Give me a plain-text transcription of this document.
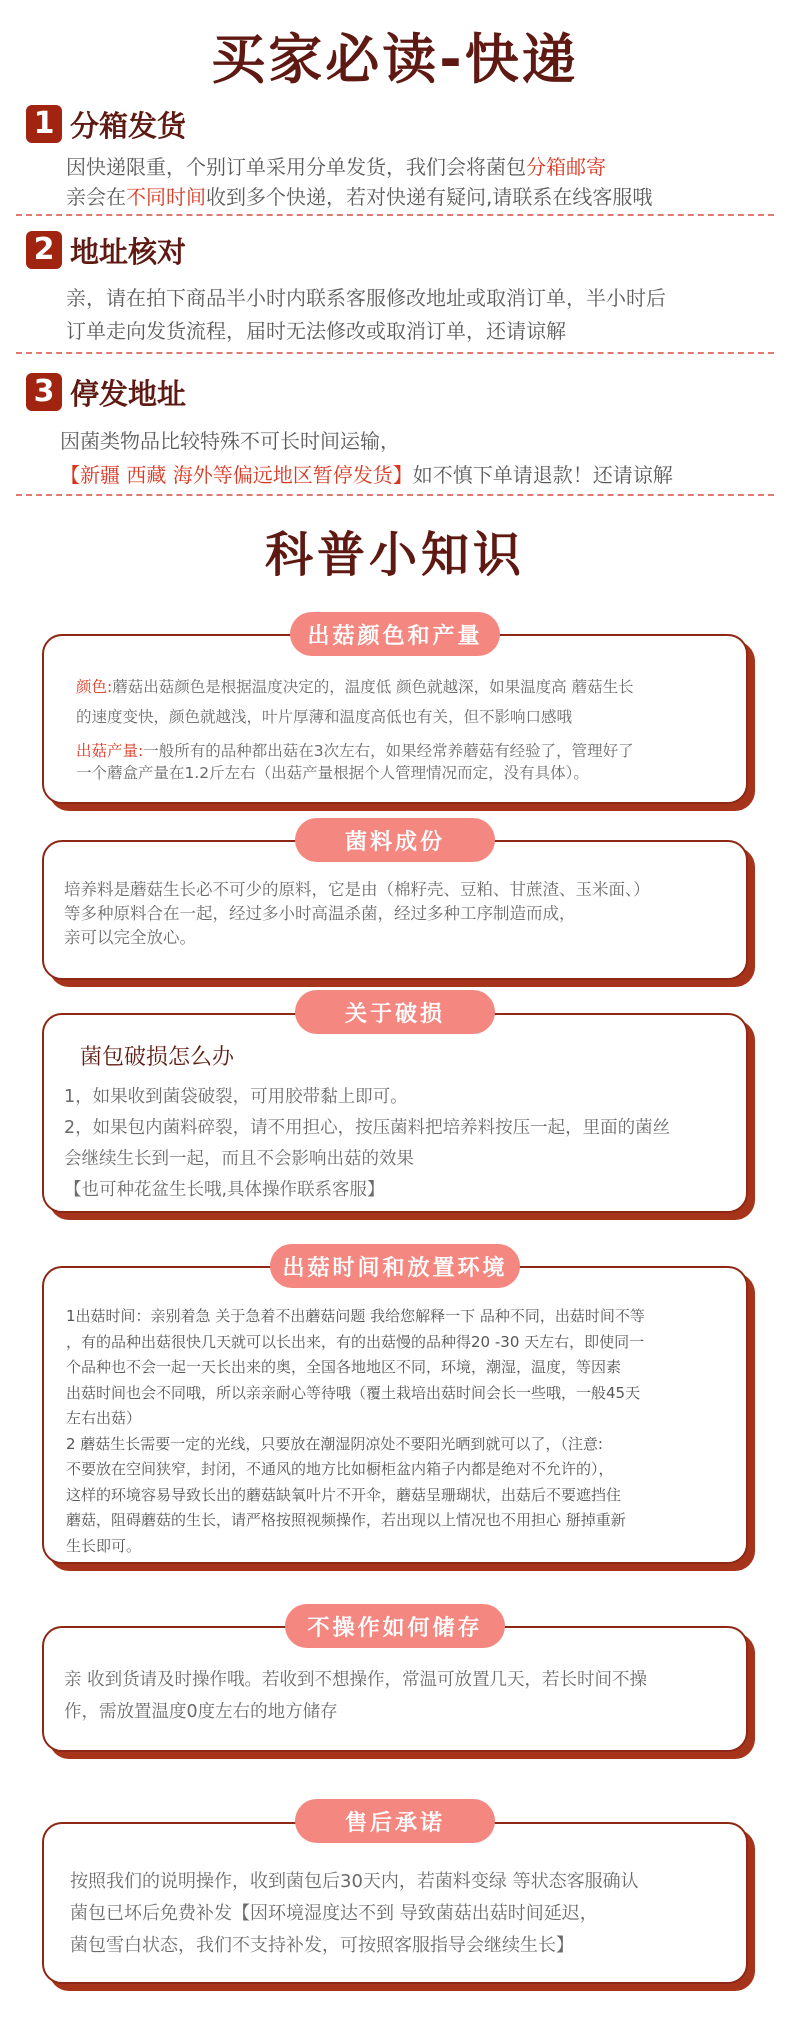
买家必读-快递
1 分箱发货

因快递限重，个别订单采用分单发货，我们会将菌包分箱邮寄

亲会在不同时间收到多个快递，若对快递有疑问,请联系在线客服哦

2 地址核对

亲，请在拍下商品半小时内联系客服修改地址或取消订单，半小时后

订单走向发货流程，届时无法修改或取消订单，还请谅解

3 停发地址

因菌类物品比较特殊不可长时间运输，

【新疆 西藏 海外等偏远地区暂停发货】如不慎下单请退款！还请谅解

科普小知识
出菇颜色和产量

颜色:蘑菇出菇颜色是根据温度决定的，温度低 颜色就越深，如果温度高 蘑菇生长

的速度变快，颜色就越浅，叶片厚薄和温度高低也有关，但不影响口感哦

出菇产量:一般所有的品种都出菇在3次左右，如果经常养蘑菇有经验了，管理好了

一个蘑盒产量在1.2斤左右（出菇产量根据个人管理情况而定，没有具体）。

菌料成份

培养料是蘑菇生长必不可少的原料，它是由（棉籽壳、豆粕、甘蔗渣、玉米面、）

等多种原料合在一起，经过多小时高温杀菌，经过多种工序制造而成，

亲可以完全放心。

关于破损
菌包破损怎么办

1，如果收到菌袋破裂，可用胶带黏上即可。

2，如果包内菌料碎裂，请不用担心，按压菌料把培养料按压一起，里面的菌丝

会继续生长到一起，而且不会影响出菇的效果

【也可种花盆生长哦,具体操作联系客服】

出菇时间和放置环境

1出菇时间：亲别着急 关于急着不出蘑菇问题 我给您解释一下 品种不同，出菇时间不等

，有的品种出菇很快几天就可以长出来，有的出菇慢的品种得20 -30 天左右，即使同一

个品种也不会一起一天长出来的奥，全国各地地区不同，环境，潮湿，温度，等因素

出菇时间也会不同哦，所以亲亲耐心等待哦（覆土栽培出菇时间会长一些哦，一般45天

左右出菇）

2 蘑菇生长需要一定的光线，只要放在潮湿阴凉处不要阳光晒到就可以了，（注意:

不要放在空间狭窄，封闭，不通风的地方比如橱柜盆内箱子内都是绝对不允许的），

这样的环境容易导致长出的蘑菇缺氧叶片不开伞，蘑菇呈珊瑚状，出菇后不要遮挡住

蘑菇，阻碍蘑菇的生长，请严格按照视频操作，若出现以上情况也不用担心 掰掉重新

生长即可。

不操作如何储存

亲 收到货请及时操作哦。若收到不想操作，常温可放置几天，若长时间不操

作，需放置温度0度左右的地方储存

售后承诺

按照我们的说明操作，收到菌包后30天内，若菌料变绿 等状态客服确认

菌包已坏后免费补发【因环境湿度达不到 导致菌菇出菇时间延迟，

菌包雪白状态，我们不支持补发，可按照客服指导会继续生长】
